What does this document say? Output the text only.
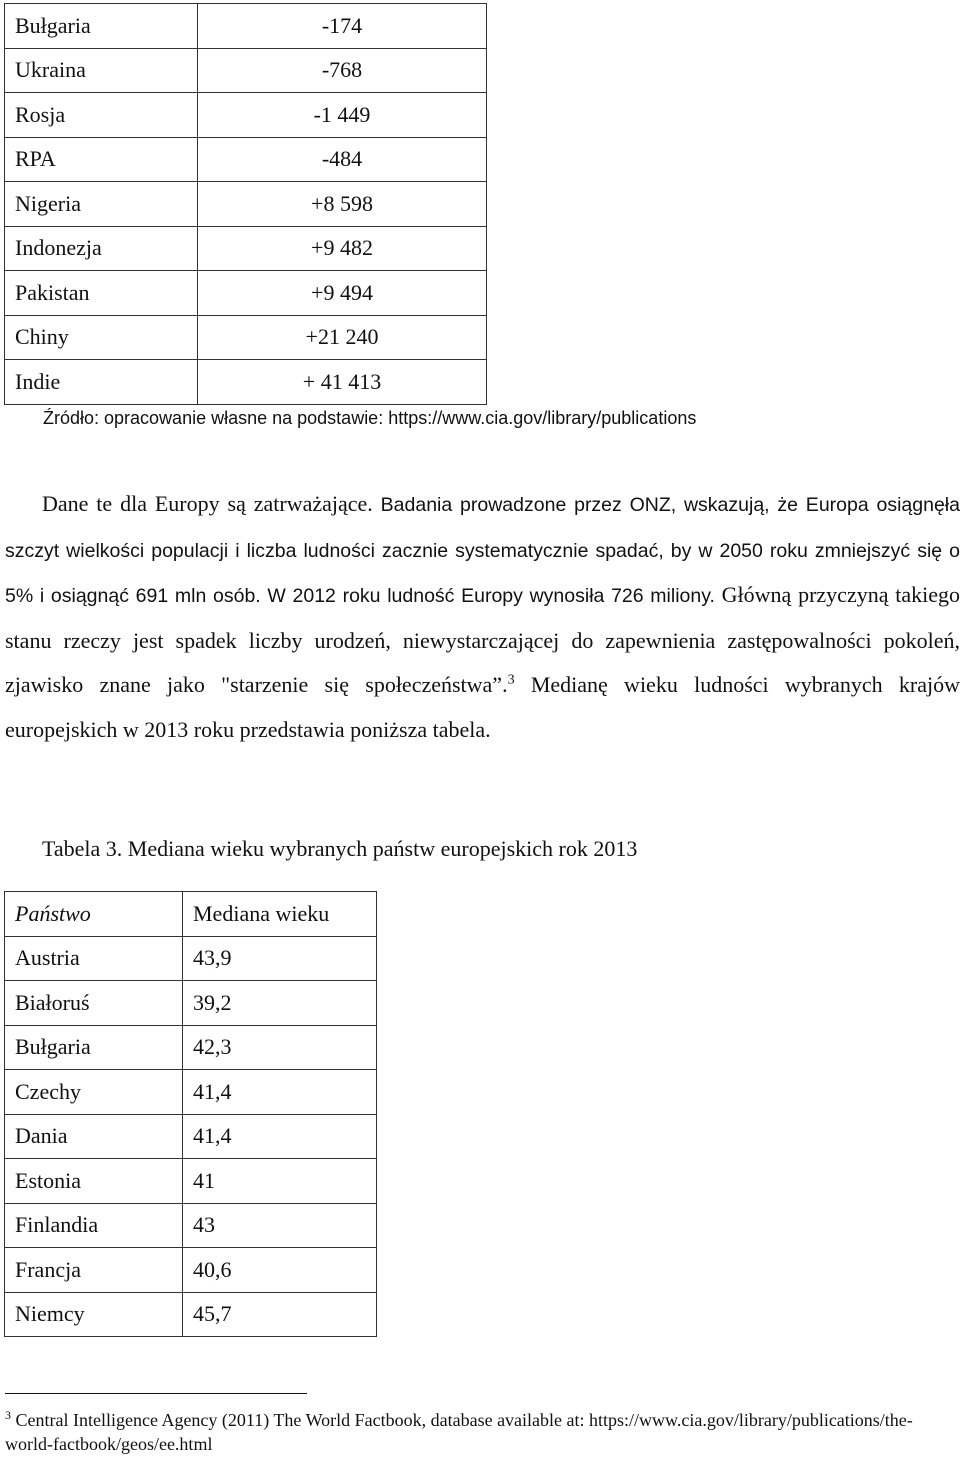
Bułgaria	-174
Ukraina	-768
Rosja	-1 449
RPA	-484
Nigeria	+8 598
Indonezja	+9 482
Pakistan	+9 494
Chiny	+21 240
Indie	+ 41 413
Źródło: opracowanie własne na podstawie: https://www.cia.gov/library/publications

Dane te dla Europy są zatrważające. Badania prowadzone przez ONZ, wskazują, że Europa osiągnęła szczyt wielkości populacji i liczba ludności zacznie systematycznie spadać, by w 2050 roku zmniejszyć się o 5% i osiągnąć 691 mln osób. W 2012 roku ludność Europy wynosiła 726 miliony. Główną przyczyną takiego stanu rzeczy jest spadek liczby urodzeń, niewystarczającej do zapewnienia zastępowalności pokoleń, zjawisko znane jako "starzenie się społeczeństwa”.$^3$ Medianę wieku ludności wybranych krajów europejskich w 2013 roku przedstawia poniższa tabela.

Tabela 3. Mediana wieku wybranych państw europejskich rok 2013
Państwo	Mediana wieku
Austria	43,9
Białoruś	39,2
Bułgaria	42,3
Czechy	41,4
Dania	41,4
Estonia	41
Finlandia	43
Francja	40,6
Niemcy	45,7
$^3$ Central Intelligence Agency (2011) The World Factbook, database available at: https://www.cia.gov/library/publications/the-world-factbook/geos/ee.html
